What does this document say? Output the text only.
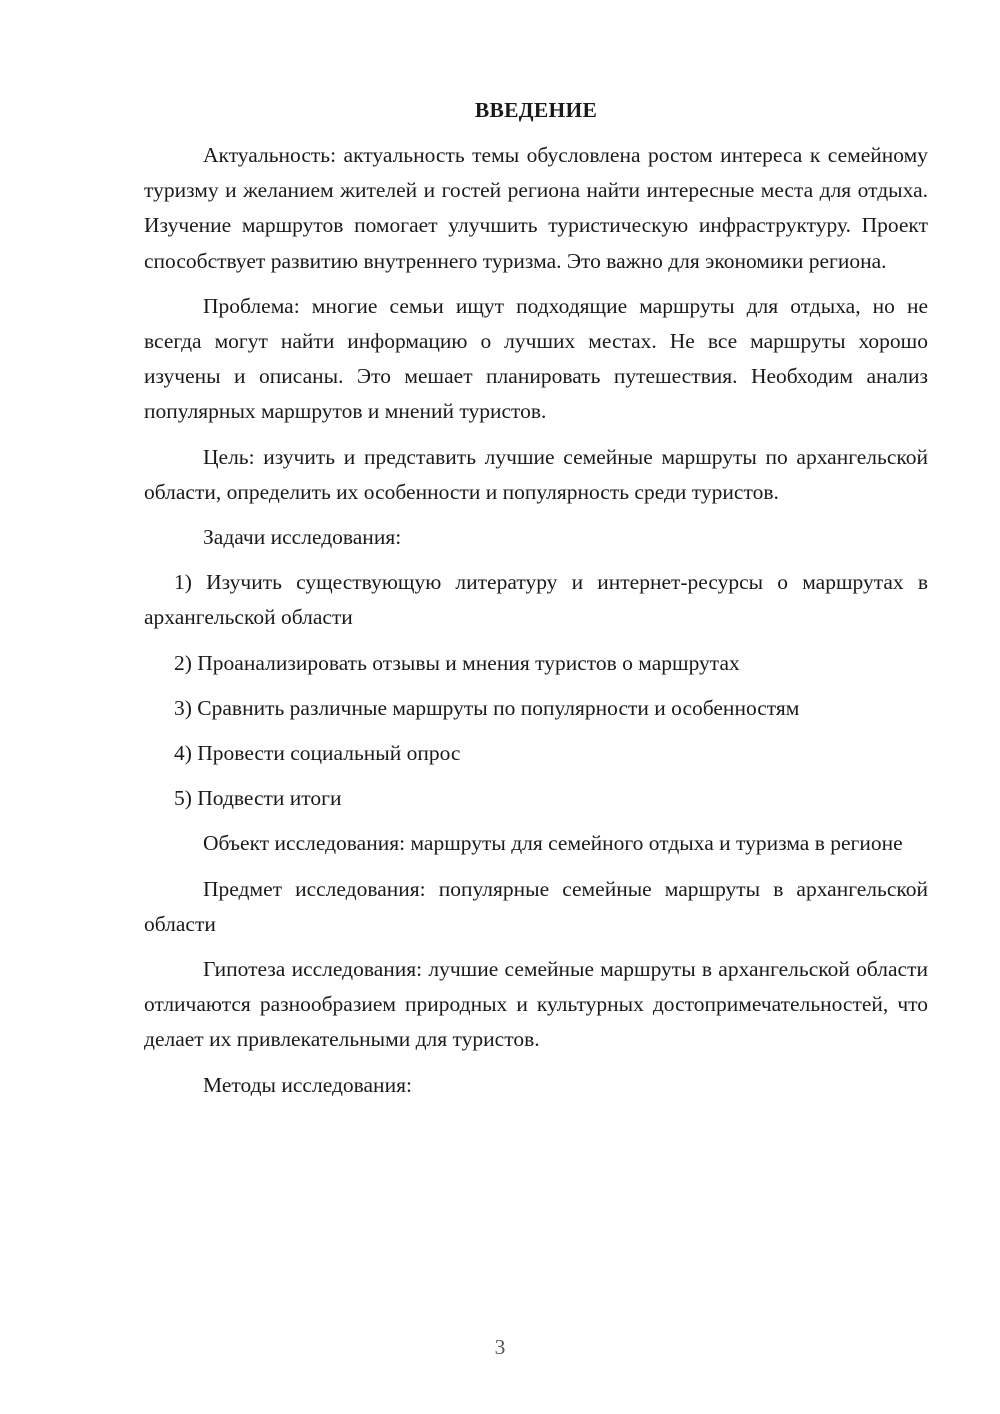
ВВЕДЕНИЕ

Актуальность: актуальность темы обусловлена ростом интереса к семейному туризму и желанием жителей и гостей региона найти интересные места для отдыха. Изучение маршрутов помогает улучшить туристическую инфраструктуру. Проект способствует развитию внутреннего туризма. Это важно для экономики региона.

Проблема: многие семьи ищут подходящие маршруты для отдыха, но не всегда могут найти информацию о лучших местах. Не все маршруты хорошо изучены и описаны. Это мешает планировать путешествия. Необходим анализ популярных маршрутов и мнений туристов.

Цель: изучить и представить лучшие семейные маршруты по архангельской области, определить их особенности и популярность среди туристов.

Задачи исследования:

1) Изучить существующую литературу и интернет-ресурсы о маршрутах в архангельской области

2) Проанализировать отзывы и мнения туристов о маршрутах

3) Сравнить различные маршруты по популярности и особенностям

4) Провести социальный опрос

5) Подвести итоги

Объект исследования: маршруты для семейного отдыха и туризма в регионе

Предмет исследования: популярные семейные маршруты в архангельской области

Гипотеза исследования: лучшие семейные маршруты в архангельской области отличаются разнообразием природных и культурных достопримечательностей, что делает их привлекательными для туристов.

Методы исследования:

3
